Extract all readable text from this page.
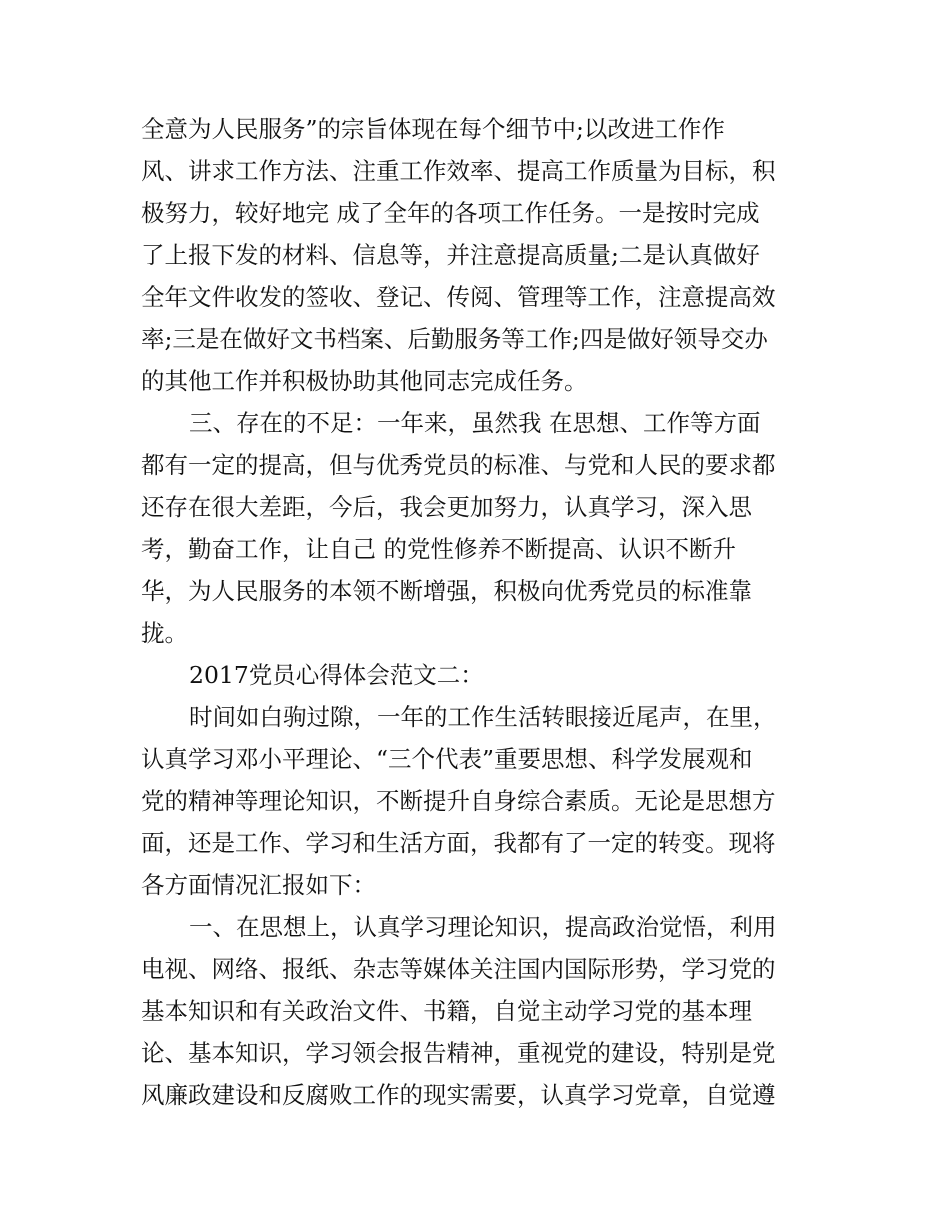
全意为人民服务”的宗旨体现在每个细节中;以改进工作作
风、讲求工作方法、注重工作效率、提高工作质量为目标，积
极努力，较好地完 成了全年的各项工作任务。一是按时完成
了上报下发的材料、信息等，并注意提高质量;二是认真做好
全年文件收发的签收、登记、传阅、管理等工作，注意提高效
率;三是在做好文书档案、后勤服务等工作;四是做好领导交办
的其他工作并积极协助其他同志完成任务。
三、存在的不足：一年来，虽然我 在思想、工作等方面
都有一定的提高，但与优秀党员的标准、与党和人民的要求都
还存在很大差距，今后，我会更加努力，认真学习，深入思
考，勤奋工作，让自己 的党性修养不断提高、认识不断升
华，为人民服务的本领不断增强，积极向优秀党员的标准靠
拢。
2017党员心得体会范文二：
时间如白驹过隙，一年的工作生活转眼接近尾声，在里，
认真学习邓小平理论、“三个代表”重要思想、科学发展观和
党的精神等理论知识，不断提升自身综合素质。无论是思想方
面，还是工作、学习和生活方面，我都有了一定的转变。现将
各方面情况汇报如下：
一、在思想上，认真学习理论知识，提高政治觉悟，利用
电视、网络、报纸、杂志等媒体关注国内国际形势，学习党的
基本知识和有关政治文件、书籍，自觉主动学习党的基本理
论、基本知识，学习领会报告精神，重视党的建设，特别是党
风廉政建设和反腐败工作的现实需要，认真学习党章，自觉遵
